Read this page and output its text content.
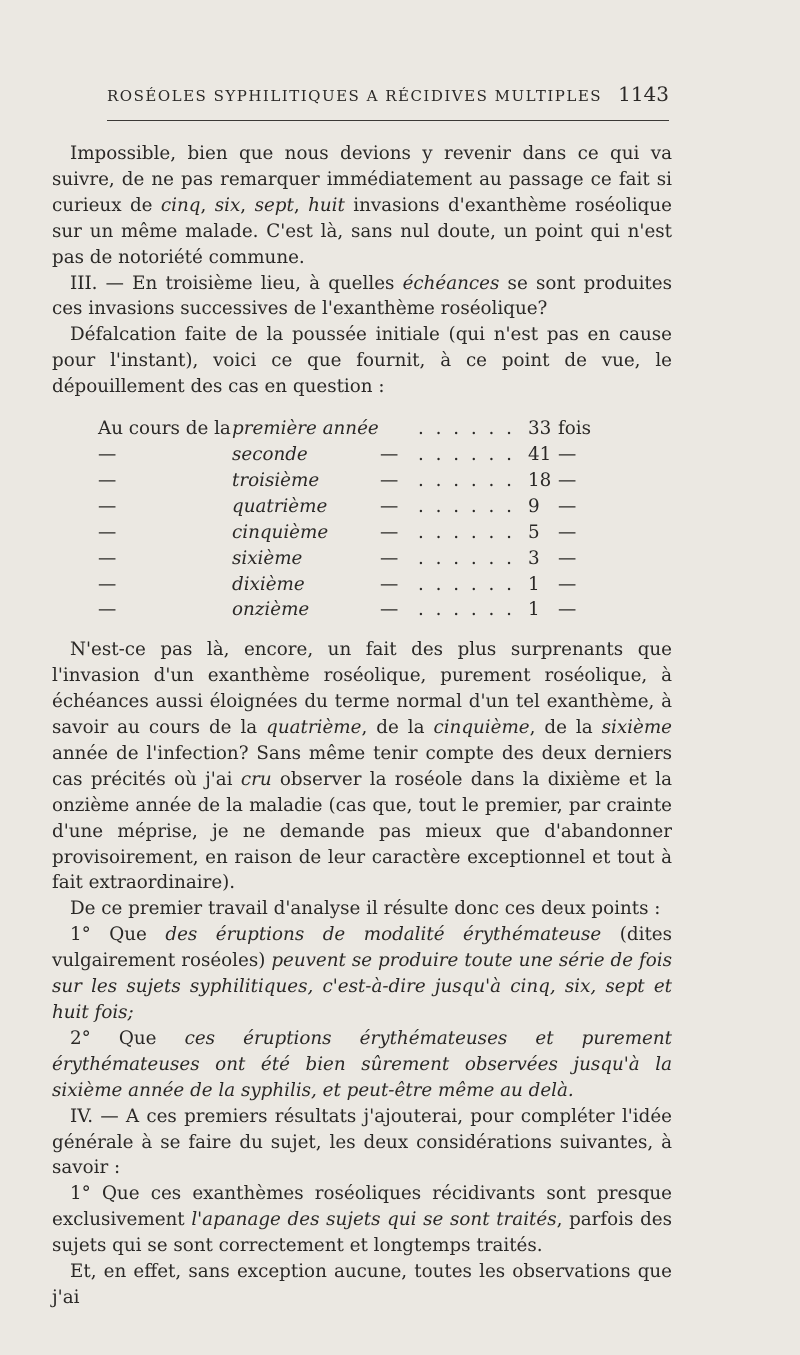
ROSÉOLES SYPHILITIQUES A RÉCIDIVES MULTIPLES 1143

Impossible, bien que nous devions y revenir dans ce qui va suivre, de ne pas remarquer immédiatement au passage ce fait si curieux de cinq, six, sept, huit invasions d'exanthème roséolique sur un même malade. C'est là, sans nul doute, un point qui n'est pas de notoriété commune.

III. — En troisième lieu, à quelles échéances se sont produites ces invasions successives de l'exanthème roséolique?

Défalcation faite de la poussée initiale (qui n'est pas en cause pour l'instant), voici ce que fournit, à ce point de vue, le dépouillement des cas en question :

Au cours de la	première année		. . . . . .	33	fois
—	seconde	—	. . . . . .	41	—
—	troisième	—	. . . . . .	18	—
—	quatrième	—	. . . . . .	9	—
—	cinquième	—	. . . . . .	5	—
—	sixième	—	. . . . . .	3	—
—	dixième	—	. . . . . .	1	—
—	onzième	—	. . . . . .	1	—

N'est-ce pas là, encore, un fait des plus surprenants que l'invasion d'un exanthème roséolique, purement roséolique, à échéances aussi éloignées du terme normal d'un tel exanthème, à savoir au cours de la quatrième, de la cinquième, de la sixième année de l'infection? Sans même tenir compte des deux derniers cas précités où j'ai cru observer la roséole dans la dixième et la onzième année de la maladie (cas que, tout le premier, par crainte d'une méprise, je ne demande pas mieux que d'abandonner provisoirement, en raison de leur caractère exceptionnel et tout à fait extraordinaire).

De ce premier travail d'analyse il résulte donc ces deux points :

1° Que des éruptions de modalité érythémateuse (dites vulgairement roséoles) peuvent se produire toute une série de fois sur les sujets syphilitiques, c'est-à-dire jusqu'à cinq, six, sept et huit fois;

2° Que ces éruptions érythémateuses et purement érythémateuses ont été bien sûrement observées jusqu'à la sixième année de la syphilis, et peut-être même au delà.

IV. — A ces premiers résultats j'ajouterai, pour compléter l'idée générale à se faire du sujet, les deux considérations suivantes, à savoir :

1° Que ces exanthèmes roséoliques récidivants sont presque exclusivement l'apanage des sujets qui se sont traités, parfois des sujets qui se sont correctement et longtemps traités.

Et, en effet, sans exception aucune, toutes les observations que j'ai
